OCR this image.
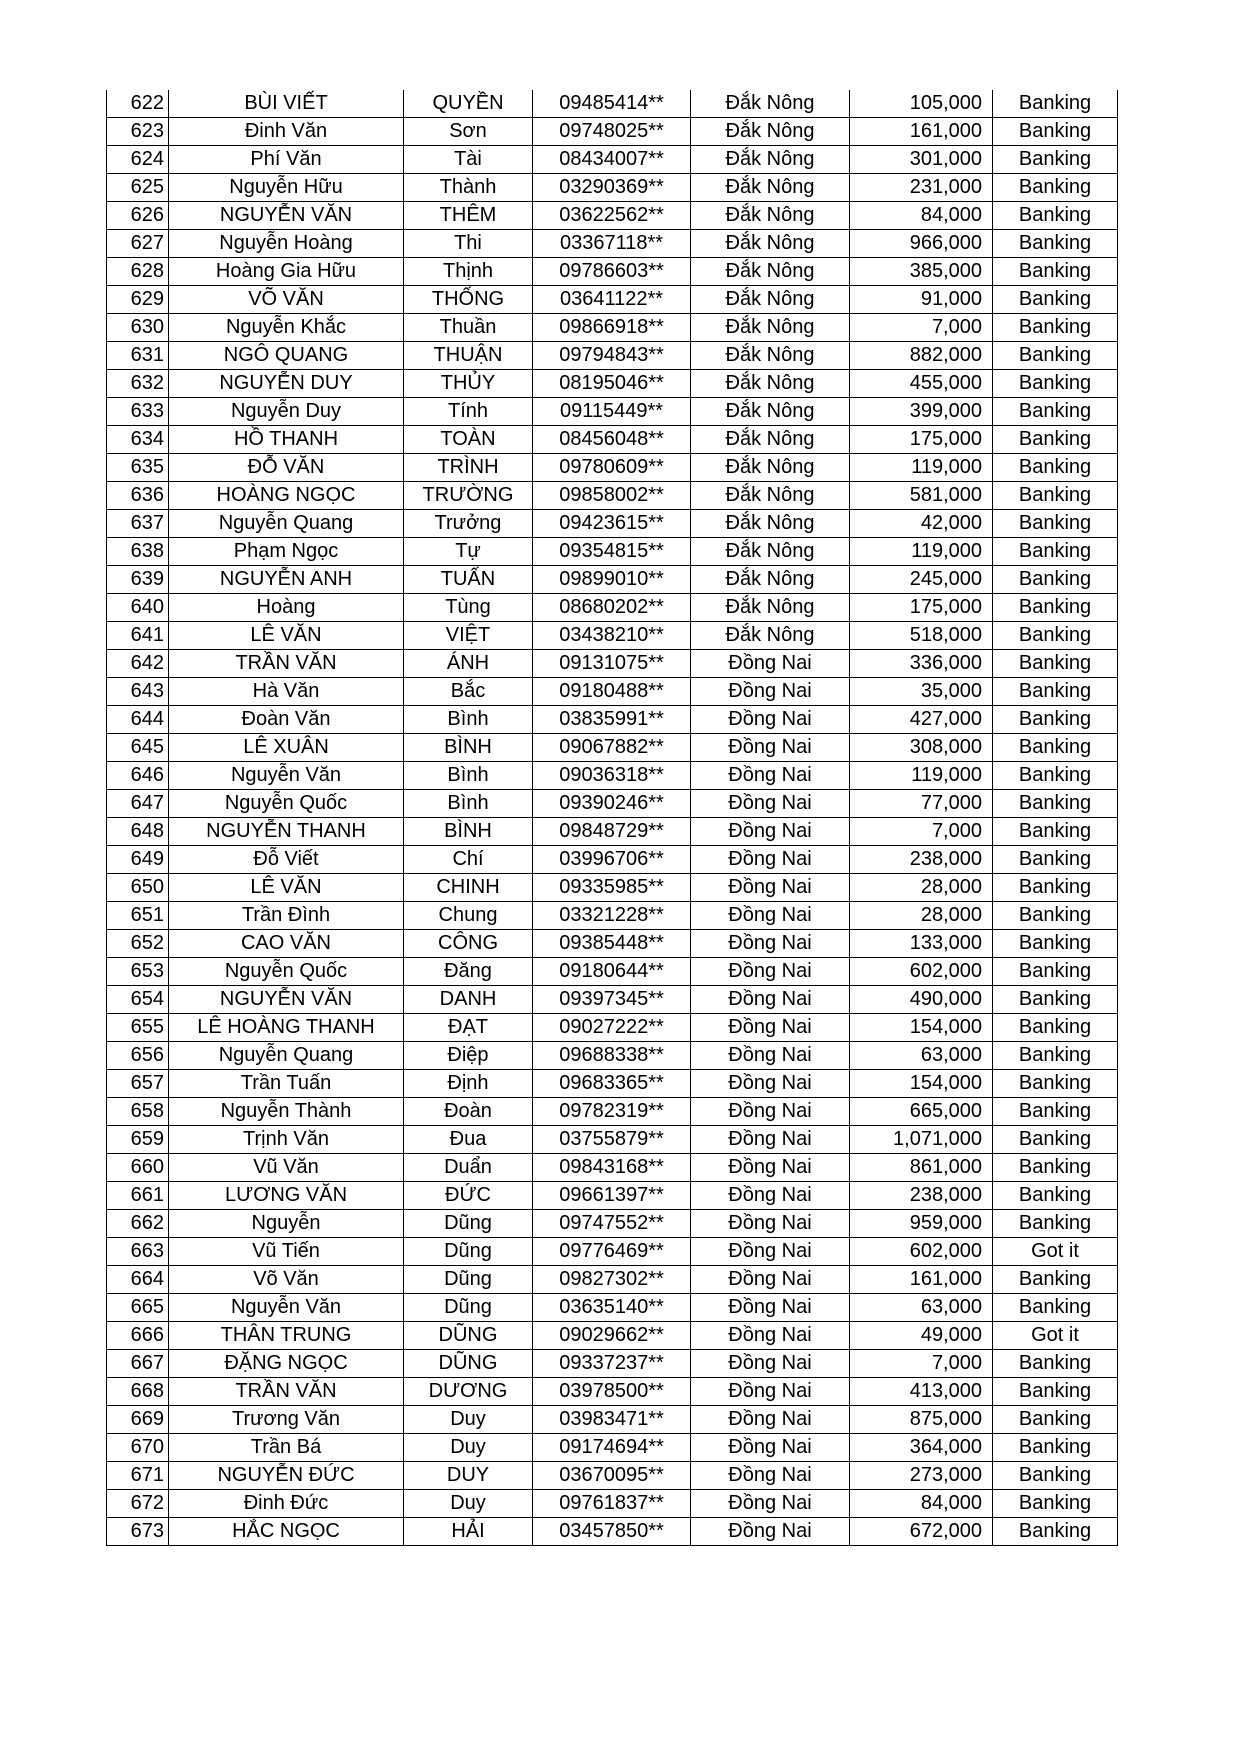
622	BÙI VIẾT	QUYỀN	09485414**	Đắk Nông	105,000	Banking
623	Đinh Văn	Sơn	09748025**	Đắk Nông	161,000	Banking
624	Phí Văn	Tài	08434007**	Đắk Nông	301,000	Banking
625	Nguyễn Hữu	Thành	03290369**	Đắk Nông	231,000	Banking
626	NGUYỄN VĂN	THÊM	03622562**	Đắk Nông	84,000	Banking
627	Nguyễn Hoàng	Thi	03367118**	Đắk Nông	966,000	Banking
628	Hoàng Gia Hữu	Thịnh	09786603**	Đắk Nông	385,000	Banking
629	VÕ VĂN	THỐNG	03641122**	Đắk Nông	91,000	Banking
630	Nguyễn Khắc	Thuần	09866918**	Đắk Nông	7,000	Banking
631	NGÔ QUANG	THUẬN	09794843**	Đắk Nông	882,000	Banking
632	NGUYỄN DUY	THỦY	08195046**	Đắk Nông	455,000	Banking
633	Nguyễn Duy	Tính	09115449**	Đắk Nông	399,000	Banking
634	HỒ THANH	TOÀN	08456048**	Đắk Nông	175,000	Banking
635	ĐỖ VĂN	TRÌNH	09780609**	Đắk Nông	119,000	Banking
636	HOÀNG NGỌC	TRƯỜNG	09858002**	Đắk Nông	581,000	Banking
637	Nguyễn Quang	Trưởng	09423615**	Đắk Nông	42,000	Banking
638	Phạm Ngọc	Tự	09354815**	Đắk Nông	119,000	Banking
639	NGUYỄN ANH	TUẤN	09899010**	Đắk Nông	245,000	Banking
640	Hoàng	Tùng	08680202**	Đắk Nông	175,000	Banking
641	LÊ VĂN	VIỆT	03438210**	Đắk Nông	518,000	Banking
642	TRẦN VĂN	ÁNH	09131075**	Đồng Nai	336,000	Banking
643	Hà Văn	Bắc	09180488**	Đồng Nai	35,000	Banking
644	Đoàn Văn	Bình	03835991**	Đồng Nai	427,000	Banking
645	LÊ XUÂN	BÌNH	09067882**	Đồng Nai	308,000	Banking
646	Nguyễn Văn	Bình	09036318**	Đồng Nai	119,000	Banking
647	Nguyễn Quốc	Bình	09390246**	Đồng Nai	77,000	Banking
648	NGUYỄN THANH	BÌNH	09848729**	Đồng Nai	7,000	Banking
649	Đỗ Viết	Chí	03996706**	Đồng Nai	238,000	Banking
650	LÊ VĂN	CHINH	09335985**	Đồng Nai	28,000	Banking
651	Trần Đình	Chung	03321228**	Đồng Nai	28,000	Banking
652	CAO VĂN	CÔNG	09385448**	Đồng Nai	133,000	Banking
653	Nguyễn Quốc	Đăng	09180644**	Đồng Nai	602,000	Banking
654	NGUYỄN VĂN	DANH	09397345**	Đồng Nai	490,000	Banking
655	LÊ HOÀNG THANH	ĐẠT	09027222**	Đồng Nai	154,000	Banking
656	Nguyễn Quang	Điệp	09688338**	Đồng Nai	63,000	Banking
657	Trần Tuấn	Định	09683365**	Đồng Nai	154,000	Banking
658	Nguyễn Thành	Đoàn	09782319**	Đồng Nai	665,000	Banking
659	Trịnh Văn	Đua	03755879**	Đồng Nai	1,071,000	Banking
660	Vũ Văn	Duẩn	09843168**	Đồng Nai	861,000	Banking
661	LƯƠNG VĂN	ĐỨC	09661397**	Đồng Nai	238,000	Banking
662	Nguyễn	Dũng	09747552**	Đồng Nai	959,000	Banking
663	Vũ Tiến	Dũng	09776469**	Đồng Nai	602,000	Got it
664	Võ Văn	Dũng	09827302**	Đồng Nai	161,000	Banking
665	Nguyễn Văn	Dũng	03635140**	Đồng Nai	63,000	Banking
666	THÂN TRUNG	DŨNG	09029662**	Đồng Nai	49,000	Got it
667	ĐẶNG NGỌC	DŨNG	09337237**	Đồng Nai	7,000	Banking
668	TRẦN VĂN	DƯƠNG	03978500**	Đồng Nai	413,000	Banking
669	Trương Văn	Duy	03983471**	Đồng Nai	875,000	Banking
670	Trần Bá	Duy	09174694**	Đồng Nai	364,000	Banking
671	NGUYỄN ĐỨC	DUY	03670095**	Đồng Nai	273,000	Banking
672	Đinh Đức	Duy	09761837**	Đồng Nai	84,000	Banking
673	HẮC NGỌC	HẢI	03457850**	Đồng Nai	672,000	Banking
